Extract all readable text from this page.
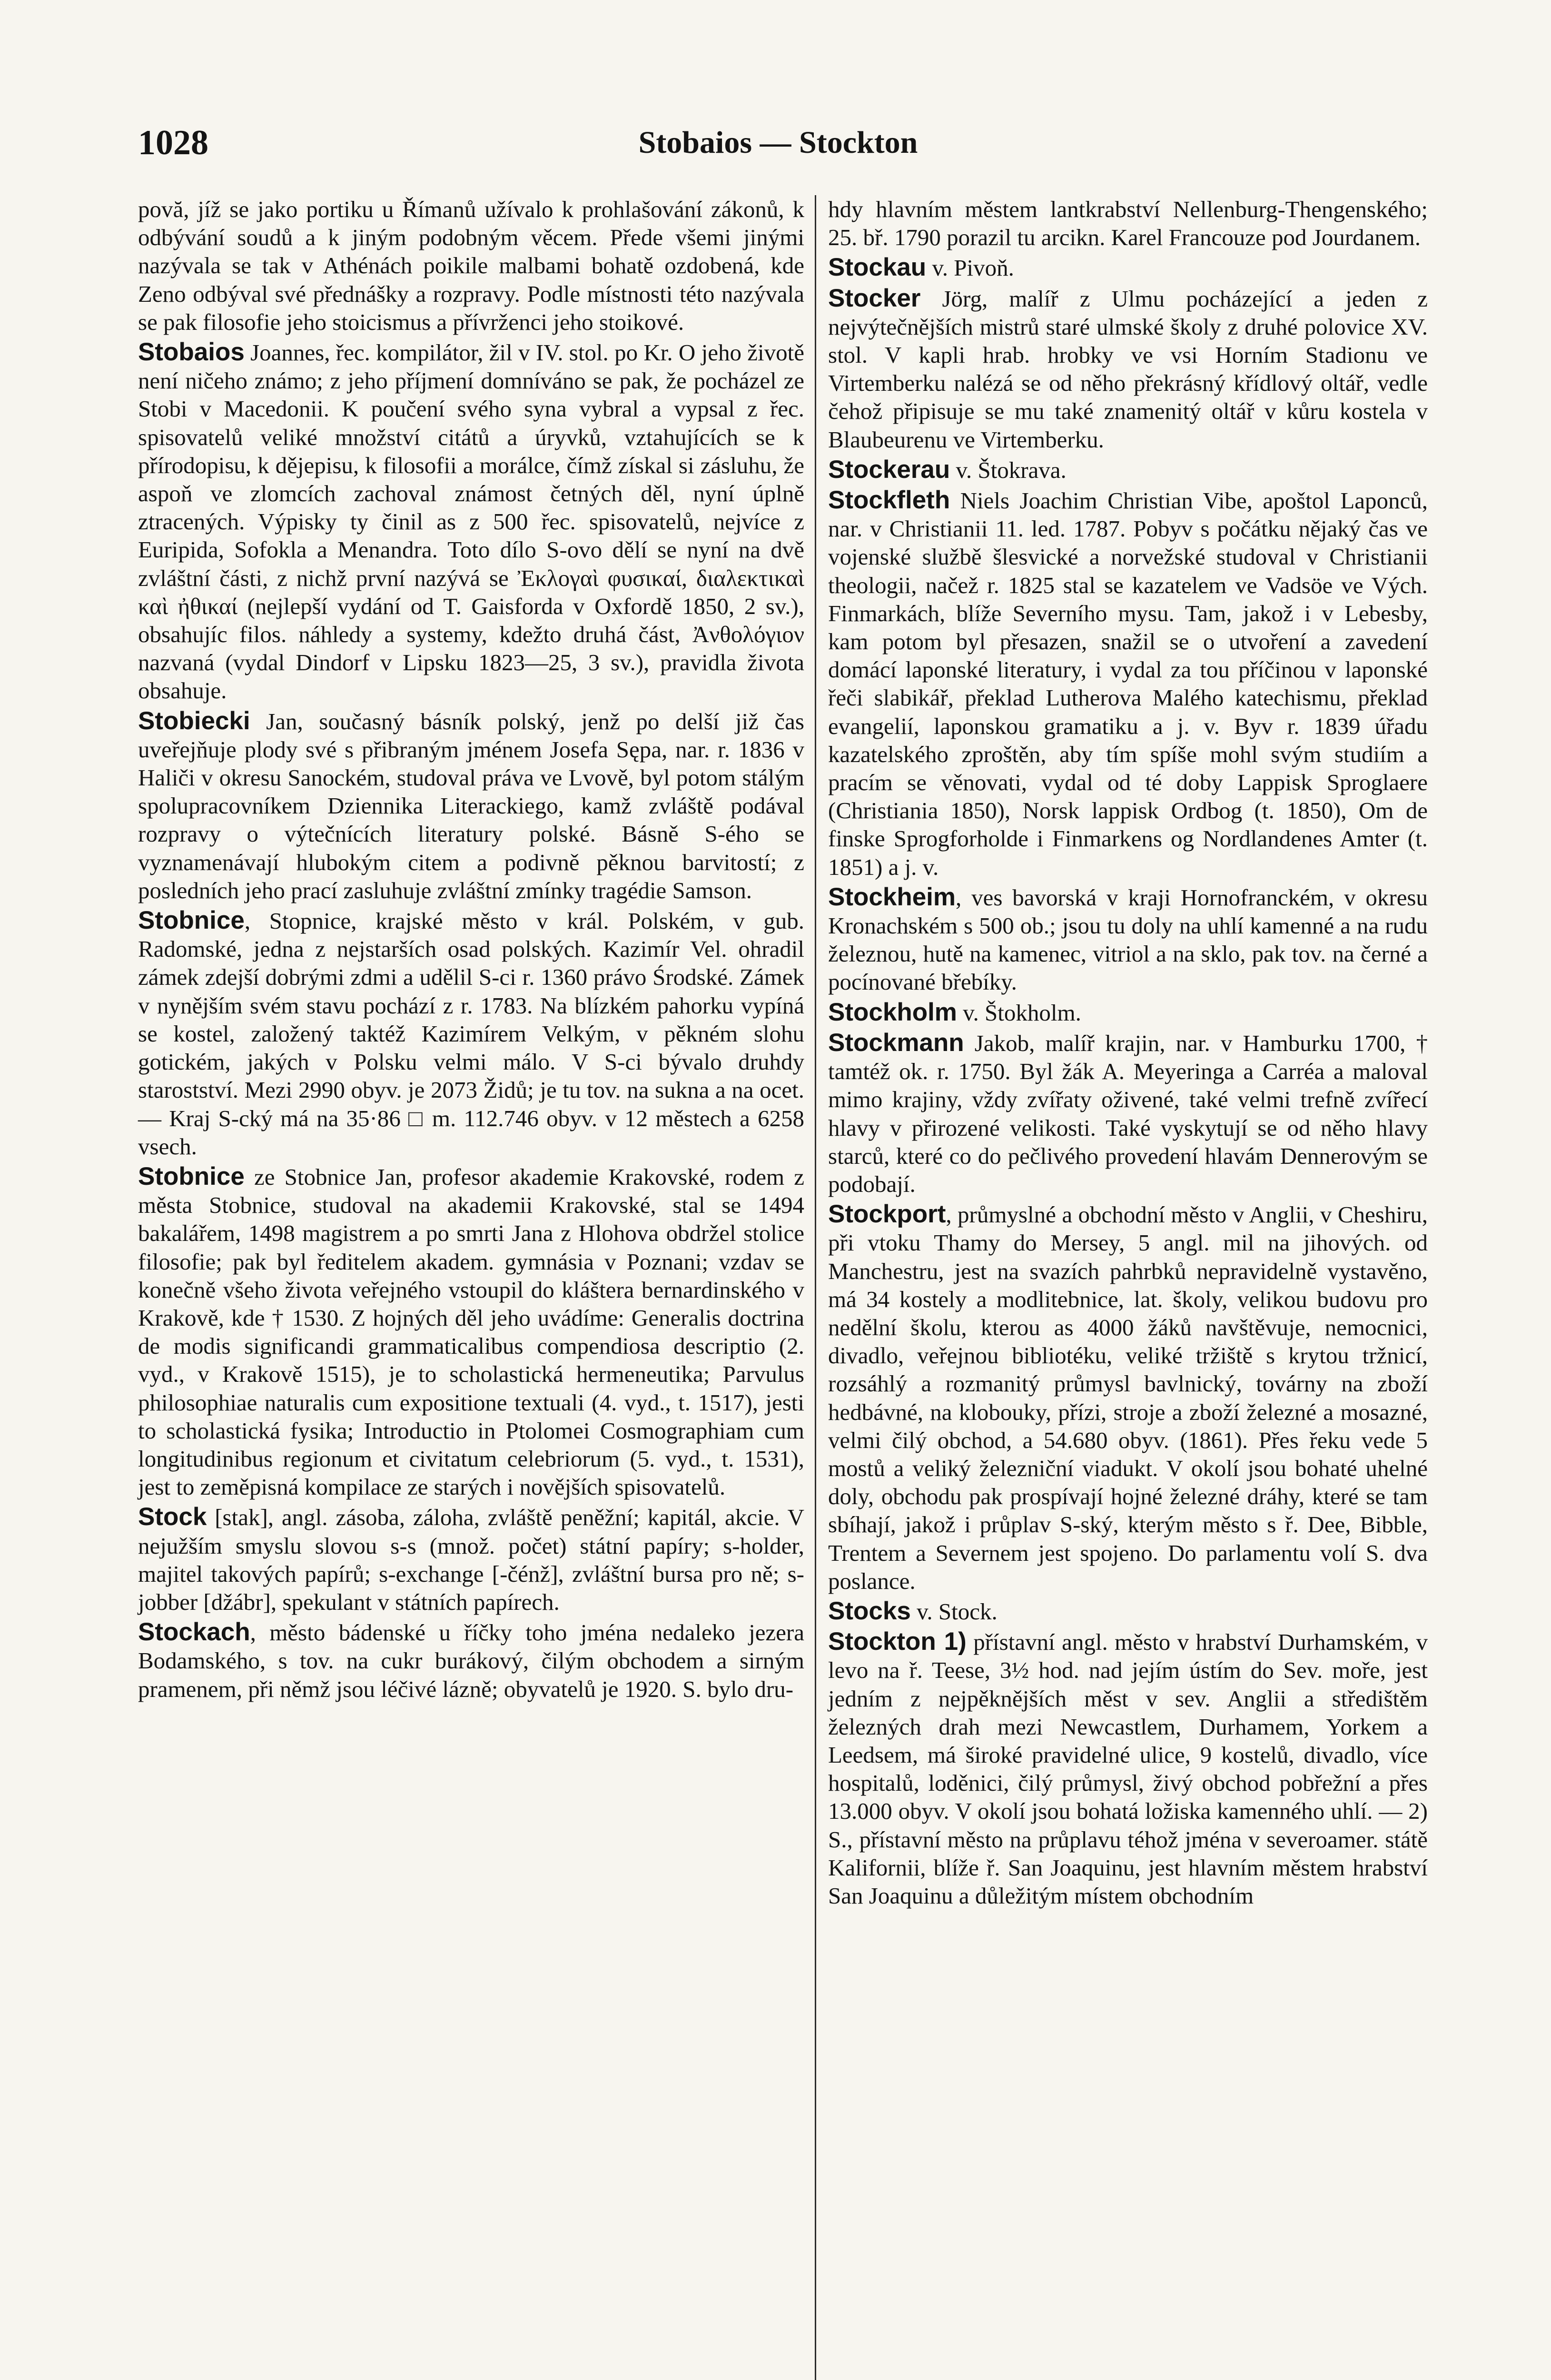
1028	Stobaios — Stockton

povă, jíž se jako portiku u Římanů užívalo k prohlašování zákonů, k odbývání soudů a k jiným podobným věcem. Přede všemi jinými nazývala se tak v Athénách poikile malbami bohatě ozdobená, kde Zeno odbýval své přednášky a rozpravy. Podle místnosti této nazývala se pak filosofie jeho stoicismus a přívrženci jeho stoikové.

Stobaios Joannes, řec. kompilátor, žil v IV. stol. po Kr. O jeho životě není ničeho známo; z jeho příjmení domníváno se pak, že pocházel ze Stobi v Macedonii. K poučení svého syna vybral a vypsal z řec. spisovatelů veliké množství citátů a úryvků, vztahujících se k přírodopisu, k dějepisu, k filosofii a morálce, čímž získal si zásluhu, že aspoň ve zlomcích zachoval známost četných děl, nyní úplně ztracených. Výpisky ty činil as z 500 řec. spisovatelů, nejvíce z Euripida, Sofokla a Menandra. Toto dílo S-ovo dělí se nyní na dvě zvláštní části, z nichž první nazývá se Ἐκλογαὶ φυσικαί, διαλεκτικαὶ καὶ ἠθικαί (nejlepší vydání od T. Gaisforda v Oxfordě 1850, 2 sv.), obsahujíc filos. náhledy a systemy, kdežto druhá část, Ἀνθολόγιον nazvaná (vydal Dindorf v Lipsku 1823—25, 3 sv.), pravidla života obsahuje.

Stobiecki Jan, současný básník polský, jenž po delší již čas uveřejňuje plody své s přibraným jménem Josefa Sępa, nar. r. 1836 v Haliči v okresu Sanockém, studoval práva ve Lvově, byl potom stálým spolupracovníkem Dziennika Literackiego, kamž zvláště podával rozpravy o výtečnících literatury polské. Básně S-ého se vyznamenávají hlubokým citem a podivně pěknou barvitostí; z posledních jeho prací zasluhuje zvláštní zmínky tragédie Samson.

Stobnice, Stopnice, krajské město v král. Polském, v gub. Radomské, jedna z nejstarších osad polských. Kazimír Vel. ohradil zámek zdejší dobrými zdmi a udělil S-ci r. 1360 právo Środské. Zámek v nynějším svém stavu pochází z r. 1783. Na blízkém pahorku vypíná se kostel, založený taktéž Kazimírem Velkým, v pěkném slohu gotickém, jakých v Polsku velmi málo. V S-ci bývalo druhdy starostství. Mezi 2990 obyv. je 2073 Židů; je tu tov. na sukna a na ocet. — Kraj S-cký má na 35·86 □ m. 112.746 obyv. v 12 městech a 6258 vsech.

Stobnice ze Stobnice Jan, profesor akademie Krakovské, rodem z města Stobnice, studoval na akademii Krakovské, stal se 1494 bakalářem, 1498 magistrem a po smrti Jana z Hlohova obdržel stolice filosofie; pak byl ředitelem akadem. gymnásia v Poznani; vzdav se konečně všeho života veřejného vstoupil do kláštera bernardinského v Krakově, kde † 1530. Z hojných děl jeho uvádíme: Generalis doctrina de modis significandi grammaticalibus compendiosa descriptio (2. vyd., v Krakově 1515), je to scholastická hermeneutika; Parvulus philosophiae naturalis cum expositione textuali (4. vyd., t. 1517), jesti to scholastická fysika; Introductio in Ptolomei Cosmographiam cum longitudinibus regionum et civitatum celebriorum (5. vyd., t. 1531), jest to zeměpisná kompilace ze starých i novějších spisovatelů.

Stock [stak], angl. zásoba, záloha, zvláště peněžní; kapitál, akcie. V nejužším smyslu slovou s-s (množ. počet) státní papíry; s-holder, majitel takových papírů; s-exchange [-čénž], zvláštní bursa pro ně; s-jobber [džábr], spekulant v státních papírech.

Stockach, město bádenské u říčky toho jména nedaleko jezera Bodamského, s tov. na cukr burákový, čilým obchodem a sirným pramenem, při němž jsou léčivé lázně; obyvatelů je 1920. S. bylo dru-

hdy hlavním městem lantkrabství Nellenburg-Thengenského; 25. bř. 1790 porazil tu arcikn. Karel Francouze pod Jourdanem.

Stockau v. Pivoň.

Stocker Jörg, malíř z Ulmu pocházející a jeden z nejvýtečnějších mistrů staré ulmské školy z druhé polovice XV. stol. V kapli hrab. hrobky ve vsi Horním Stadionu ve Virtemberku nalézá se od něho překrásný křídlový oltář, vedle čehož připisuje se mu také znamenitý oltář v kůru kostela v Blaubeurenu ve Virtemberku.

Stockerau v. Štokrava.

Stockfleth Niels Joachim Christian Vibe, apoštol Laponců, nar. v Christianii 11. led. 1787. Pobyv s počátku nějaký čas ve vojenské službě šlesvické a norvežské studoval v Christianii theologii, načež r. 1825 stal se kazatelem ve Vadsöe ve Vých. Finmarkách, blíže Severního mysu. Tam, jakož i v Lebesby, kam potom byl přesazen, snažil se o utvoření a zavedení domácí laponské literatury, i vydal za tou příčinou v laponské řeči slabikář, překlad Lutherova Malého katechismu, překlad evangelií, laponskou gramatiku a j. v. Byv r. 1839 úřadu kazatelského zproštěn, aby tím spíše mohl svým studiím a pracím se věnovati, vydal od té doby Lappisk Sproglaere (Christiania 1850), Norsk lappisk Ordbog (t. 1850), Om de finske Sprogforholde i Finmarkens og Nordlandenes Amter (t. 1851) a j. v.

Stockheim, ves bavorská v kraji Hornofranckém, v okresu Kronachském s 500 ob.; jsou tu doly na uhlí kamenné a na rudu železnou, hutě na kamenec, vitriol a na sklo, pak tov. na černé a pocínované břebíky.

Stockholm v. Štokholm.

Stockmann Jakob, malíř krajin, nar. v Hamburku 1700, † tamtéž ok. r. 1750. Byl žák A. Meyeringa a Carréa a maloval mimo krajiny, vždy zvířaty oživené, také velmi trefně zvířecí hlavy v přirozené velikosti. Také vyskytují se od něho hlavy starců, které co do pečlivého provedení hlavám Dennerovým se podobají.

Stockport, průmyslné a obchodní město v Anglii, v Cheshiru, při vtoku Thamy do Mersey, 5 angl. mil na jihových. od Manchestru, jest na svazích pahrbků nepravidelně vystavěno, má 34 kostely a modlitebnice, lat. školy, velikou budovu pro nedělní školu, kterou as 4000 žáků navštěvuje, nemocnici, divadlo, veřejnou bibliotéku, veliké tržiště s krytou tržnicí, rozsáhlý a rozmanitý průmysl bavlnický, továrny na zboží hedbávné, na klobouky, přízi, stroje a zboží železné a mosazné, velmi čilý obchod, a 54.680 obyv. (1861). Přes řeku vede 5 mostů a veliký železniční viadukt. V okolí jsou bohaté uhelné doly, obchodu pak prospívají hojné železné dráhy, které se tam sbíhají, jakož i průplav S-ský, kterým město s ř. Dee, Bibble, Trentem a Severnem jest spojeno. Do parlamentu volí S. dva poslance.

Stocks v. Stock.

Stockton 1) přístavní angl. město v hrabství Durhamském, v levo na ř. Teese, 3½ hod. nad jejím ústím do Sev. moře, jest jedním z nejpěknějších měst v sev. Anglii a středištěm železných drah mezi Newcastlem, Durhamem, Yorkem a Leedsem, má široké pravidelné ulice, 9 kostelů, divadlo, více hospitalů, loděnici, čilý průmysl, živý obchod pobřežní a přes 13.000 obyv. V okolí jsou bohatá ložiska kamenného uhlí. — 2) S., přístavní město na průplavu téhož jména v severoamer. státě Kalifornii, blíže ř. San Joaquinu, jest hlavním městem hrabství San Joaquinu a důležitým místem obchodním
